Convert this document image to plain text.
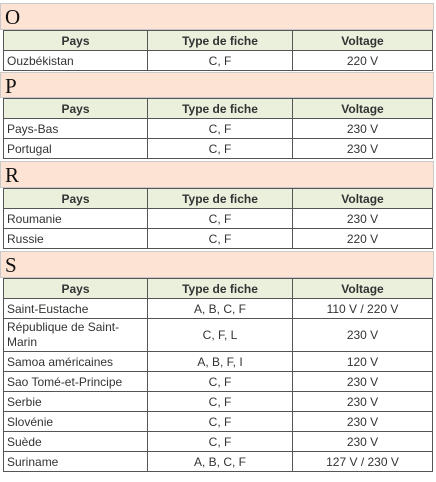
O
Pays	Type de fiche	Voltage
Ouzbékistan	C, F	220 V
P
Pays	Type de fiche	Voltage
Pays-Bas	C, F	230 V
Portugal	C, F	230 V
R
Pays	Type de fiche	Voltage
Roumanie	C, F	230 V
Russie	C, F	220 V
S
Pays	Type de fiche	Voltage
Saint-Eustache	A, B, C, F	110 V / 220 V
République de Saint-Marin	C, F, L	230 V
Samoa américaines	A, B, F, I	120 V
Sao Tomé-et-Principe	C, F	230 V
Serbie	C, F	230 V
Slovénie	C, F	230 V
Suède	C, F	230 V
Suriname	A, B, C, F	127 V / 230 V
